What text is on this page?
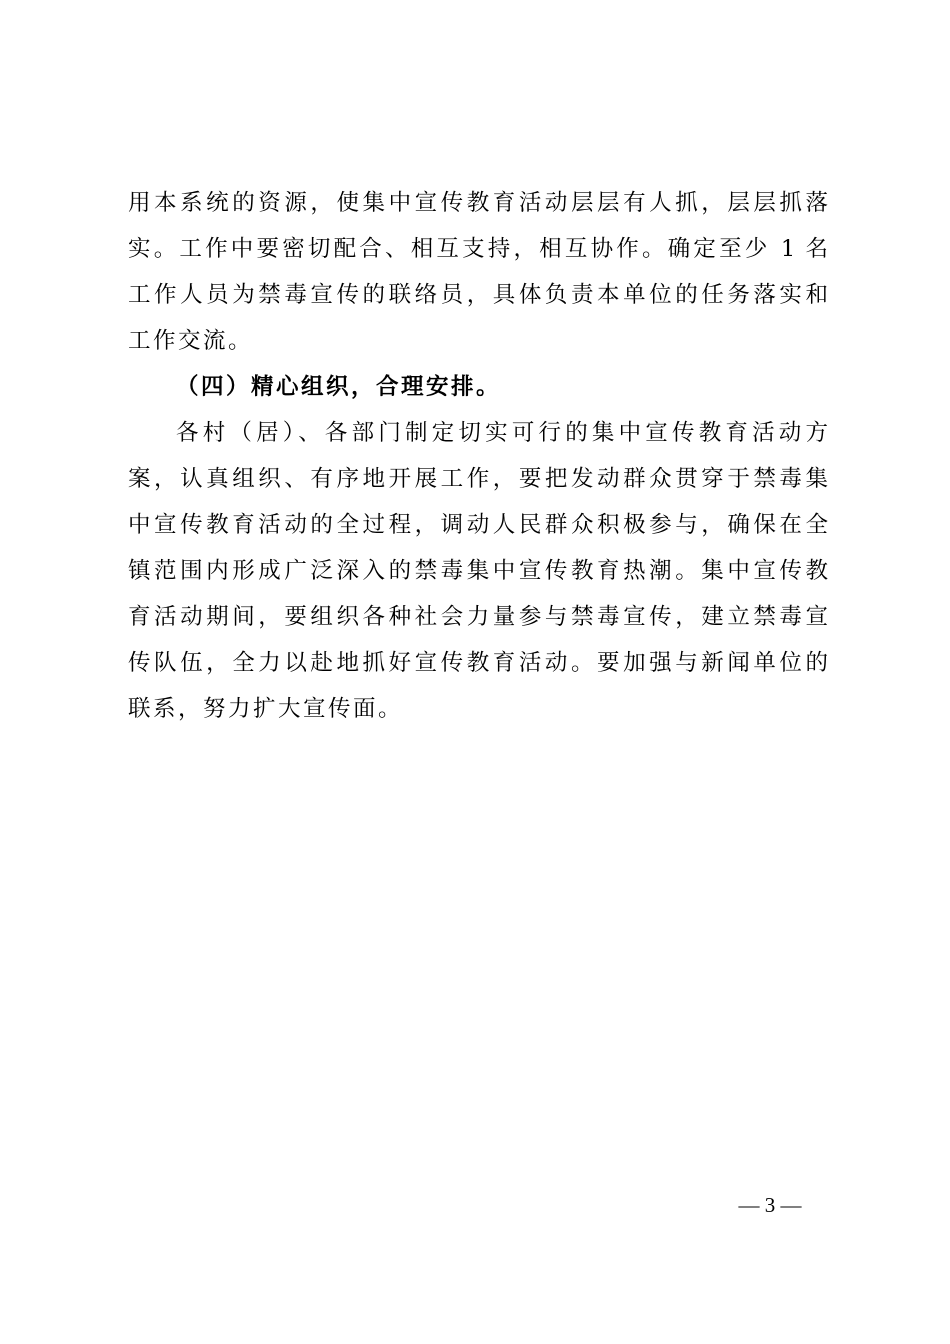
用本系统的资源，使集中宣传教育活动层层有人抓，层层抓落
实。工作中要密切配合、相互支持，相互协作。确定至少 1 名
工作人员为禁毒宣传的联络员，具体负责本单位的任务落实和
工作交流。
（四）精心组织，合理安排。
各村（居）、各部门制定切实可行的集中宣传教育活动方
案，认真组织、有序地开展工作，要把发动群众贯穿于禁毒集
中宣传教育活动的全过程，调动人民群众积极参与，确保在全
镇范围内形成广泛深入的禁毒集中宣传教育热潮。集中宣传教
育活动期间，要组织各种社会力量参与禁毒宣传，建立禁毒宣
传队伍，全力以赴地抓好宣传教育活动。要加强与新闻单位的
联系，努力扩大宣传面。
— 3 —
